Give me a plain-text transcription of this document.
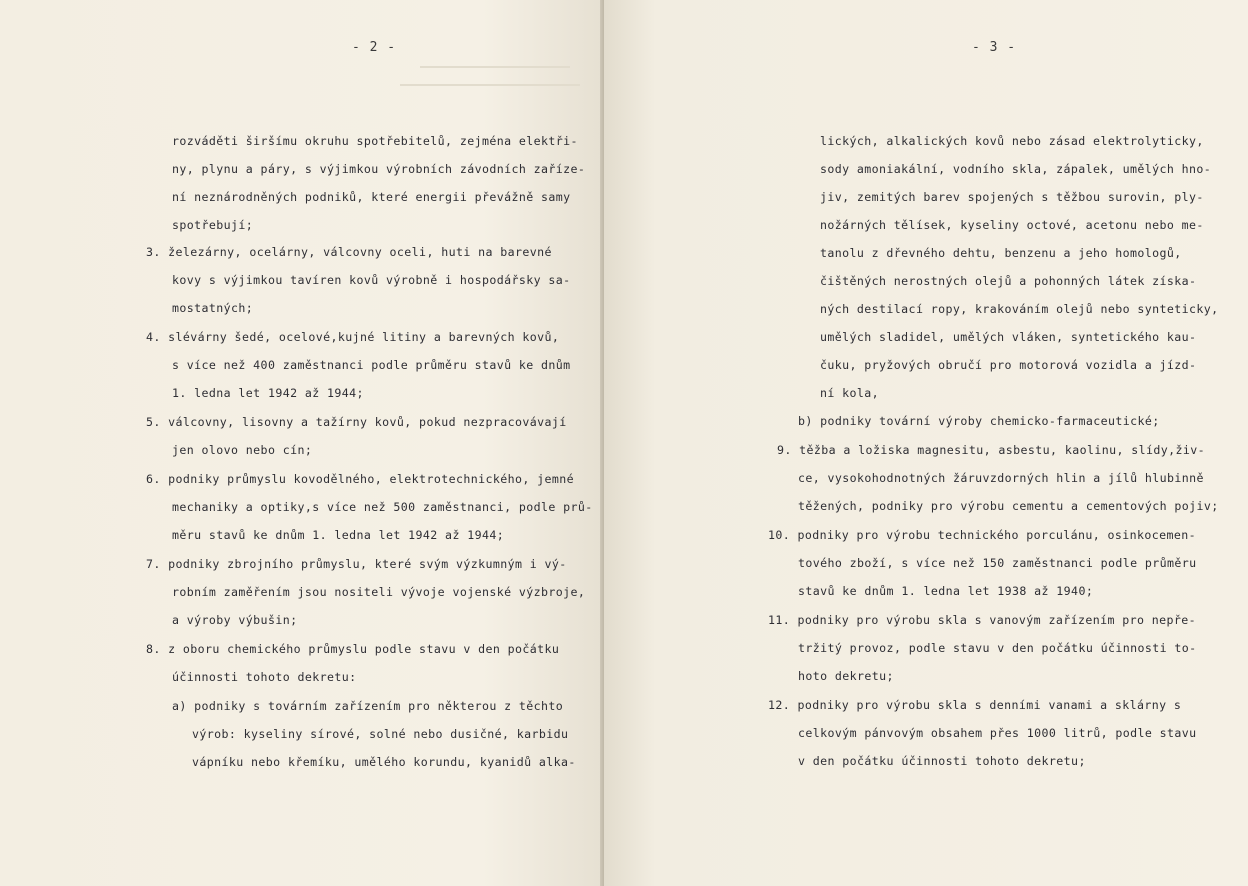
- 2 -
rozváděti širšímu okruhu spotřebitelů, zejména elektři-
ny, plynu a páry, s výjimkou výrobních závodních zaříze-
ní neznárodněných podniků, které energii převážně samy
spotřebují;
3. železárny, ocelárny, válcovny oceli, huti na barevné
kovy s výjimkou tavíren kovů výrobně i hospodářsky sa-
mostatných;
4. slévárny šedé, ocelové,kujné litiny a barevných kovů,
s více než 400 zaměstnanci podle průměru stavů ke dnům
1. ledna let 1942 až 1944;
5. válcovny, lisovny a tažírny kovů, pokud nezpracovávají
jen olovo nebo cín;
6. podniky průmyslu kovodělného, elektrotechnického, jemné
mechaniky a optiky,s více než 500 zaměstnanci, podle prů-
měru stavů ke dnům 1. ledna let 1942 až 1944;
7. podniky zbrojního průmyslu, které svým výzkumným i vý-
robním zaměřením jsou nositeli vývoje vojenské výzbroje,
a výroby výbušin;
8. z oboru chemického průmyslu podle stavu v den počátku
účinnosti tohoto dekretu:
a) podniky s továrním zařízením pro některou z těchto
výrob: kyseliny sírové, solné nebo dusičné, karbidu
vápníku nebo křemíku, umělého korundu, kyanidů alka-
- 3 -
lických, alkalických kovů nebo zásad elektrolyticky,
sody amoniakální, vodního skla, zápalek, umělých hno-
jiv, zemitých barev spojených s těžbou surovin, ply-
nožárných tělísek, kyseliny octové, acetonu nebo me-
tanolu z dřevného dehtu, benzenu a jeho homologů,
čištěných nerostných olejů a pohonných látek získa-
ných destilací ropy, krakováním olejů nebo synteticky,
umělých sladidel, umělých vláken, syntetického kau-
čuku, pryžových obručí pro motorová vozidla a jízd-
ní kola,
b) podniky tovární výroby chemicko-farmaceutické;
9. těžba a ložiska magnesitu, asbestu, kaolinu, slídy,živ-
ce, vysokohodnotných žáruvzdorných hlin a jílů hlubinně
těžených, podniky pro výrobu cementu a cementových pojiv;
10. podniky pro výrobu technického porculánu, osinkocemen-
tového zboží, s více než 150 zaměstnanci podle průměru
stavů ke dnům 1. ledna let 1938 až 1940;
11. podniky pro výrobu skla s vanovým zařízením pro nepře-
tržitý provoz, podle stavu v den počátku účinnosti to-
hoto dekretu;
12. podniky pro výrobu skla s denními vanami a sklárny s
celkovým pánvovým obsahem přes 1000 litrů, podle stavu
v den počátku účinnosti tohoto dekretu;
